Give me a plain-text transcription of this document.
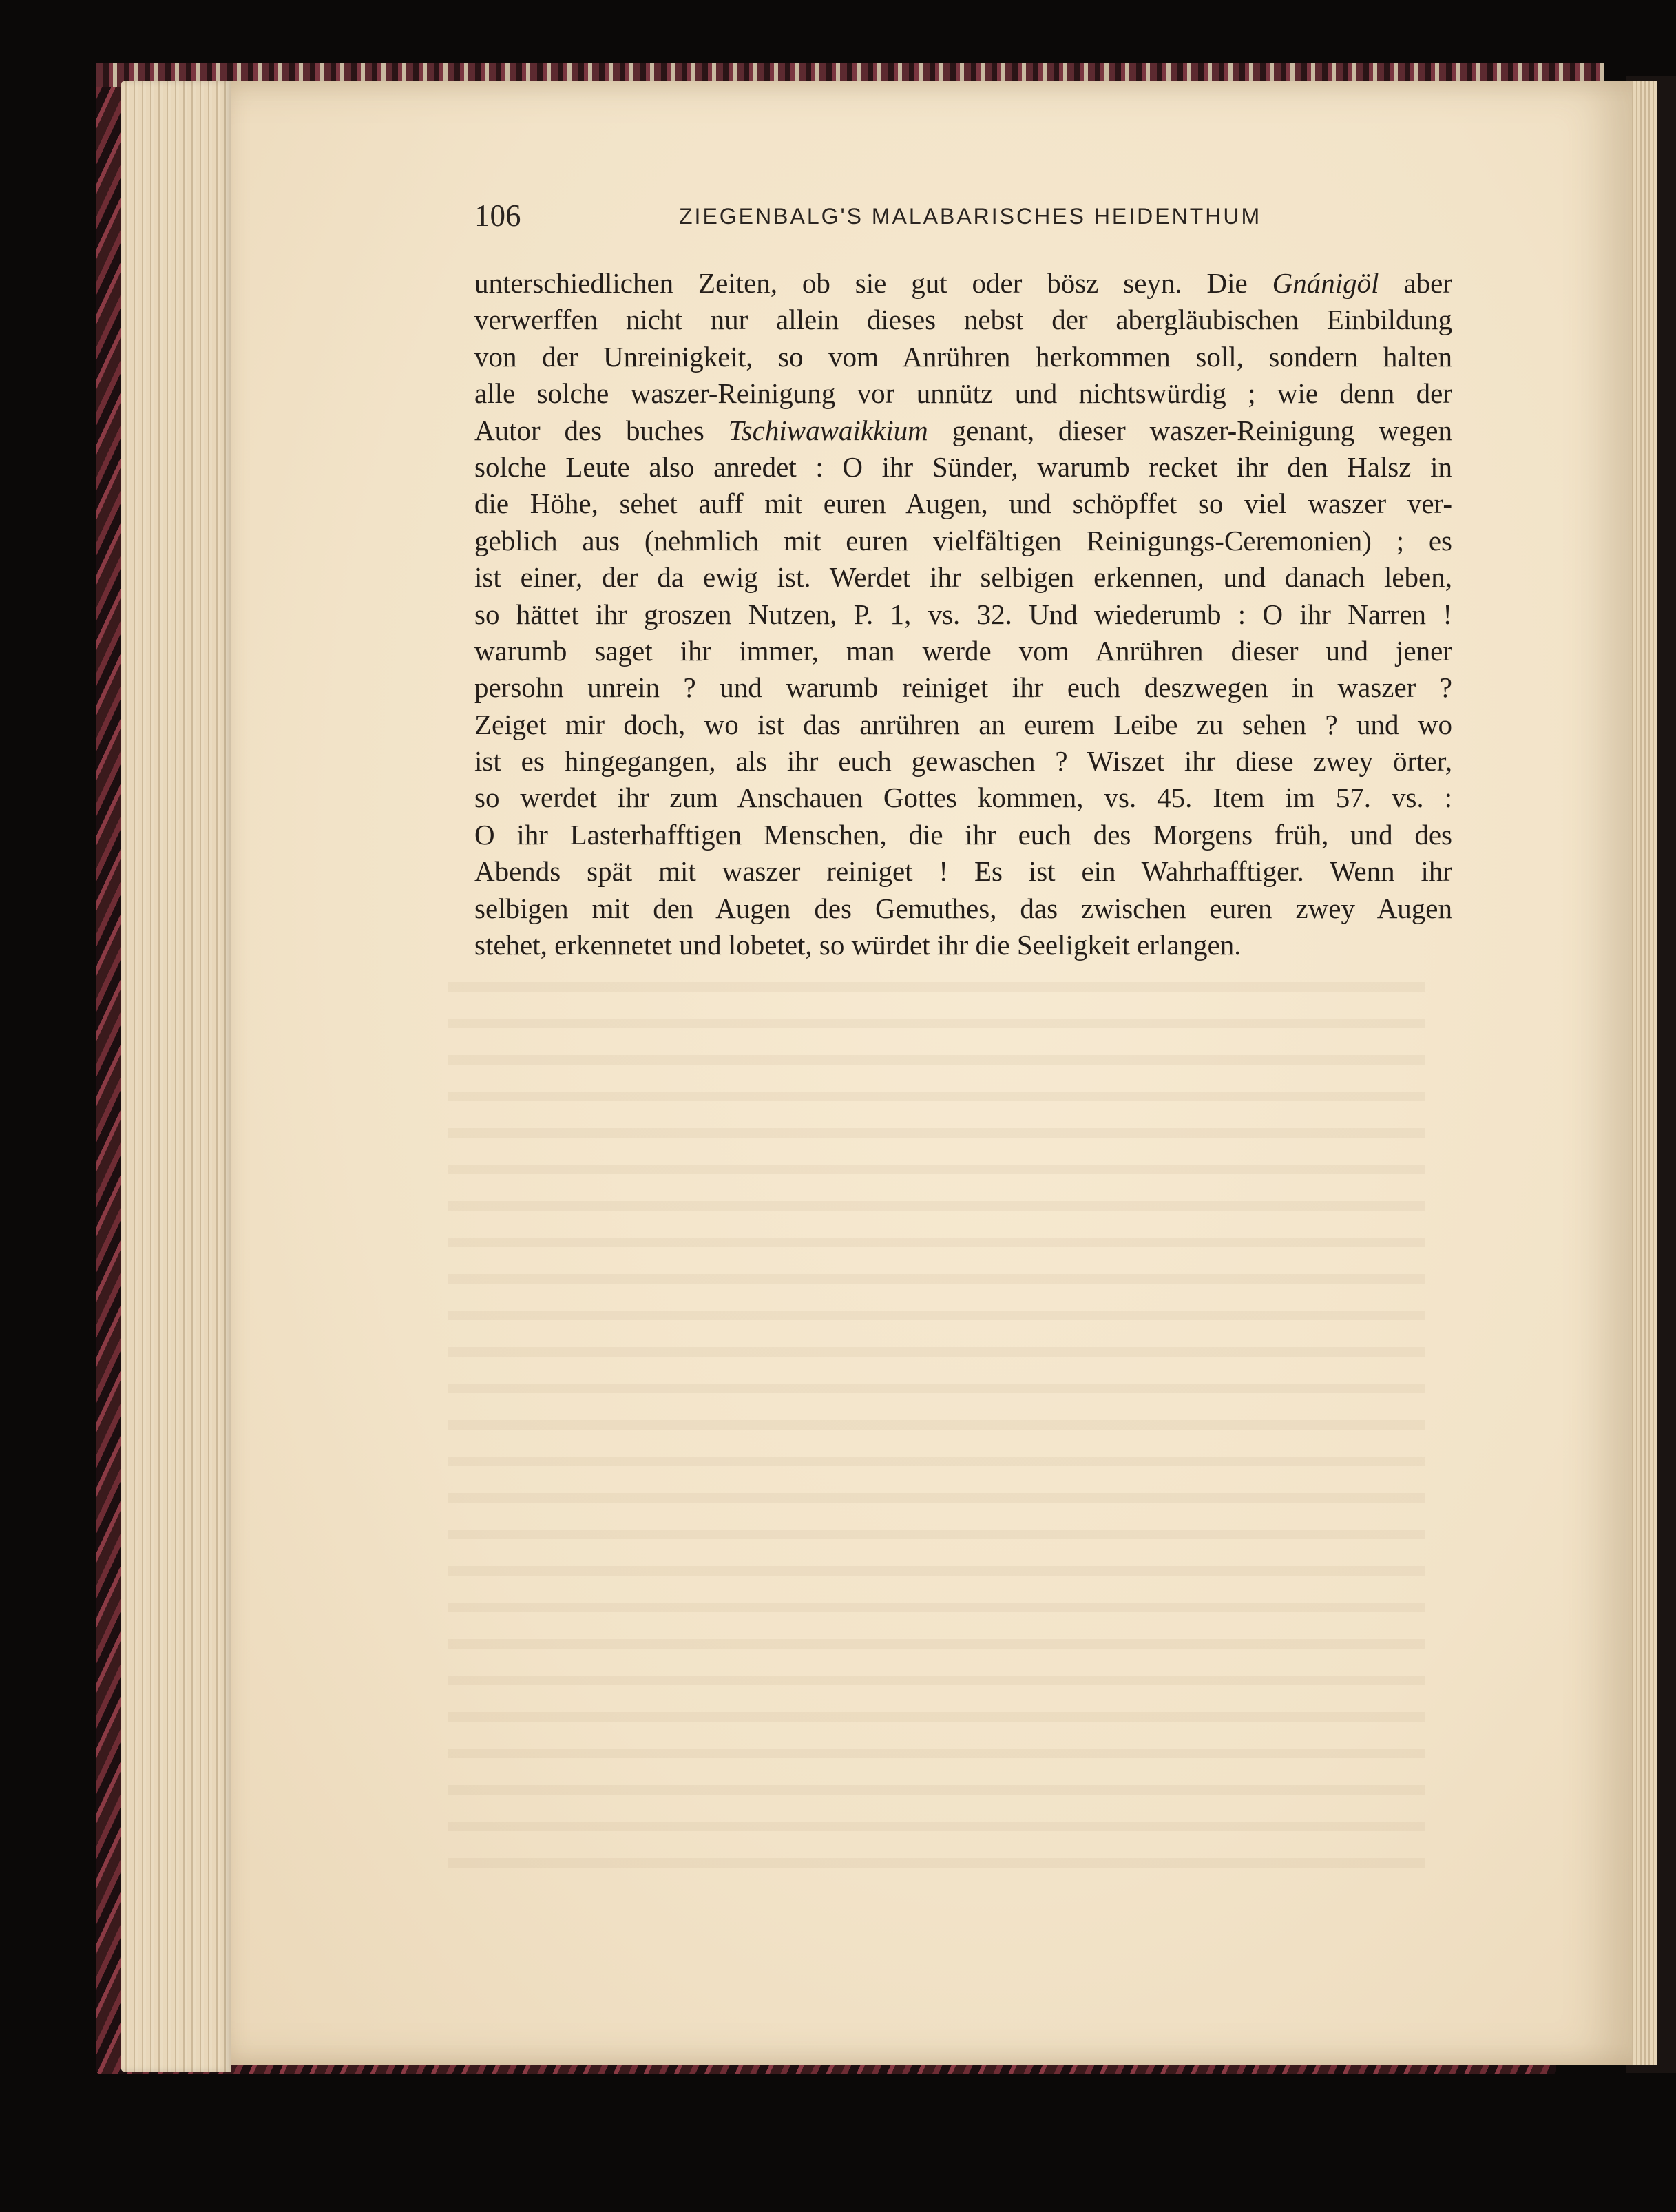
106	ZIEGENBALG'S MALABARISCHES HEIDENTHUM
unterschiedlichen Zeiten, ob sie gut oder bösz seyn. Die Gnánigöl aber
verwerffen nicht nur allein dieses nebst der abergläubischen Einbildung
von der Unreinigkeit, so vom Anrühren herkommen soll, sondern halten
alle solche waszer-Reinigung vor unnütz und nichtswürdig ; wie denn der
Autor des buches Tschiwawaikkium genant, dieser waszer-Reinigung wegen
solche Leute also anredet : O ihr Sünder, warumb recket ihr den Halsz in
die Höhe, sehet auff mit euren Augen, und schöpffet so viel waszer ver-
geblich aus (nehmlich mit euren vielfältigen Reinigungs-Ceremonien) ; es
ist einer, der da ewig ist. Werdet ihr selbigen erkennen, und danach leben,
so hättet ihr groszen Nutzen, P. 1, vs. 32. Und wiederumb : O ihr Narren !
warumb saget ihr immer, man werde vom Anrühren dieser und jener
persohn unrein ? und warumb reiniget ihr euch deszwegen in waszer ?
Zeiget mir doch, wo ist das anrühren an eurem Leibe zu sehen ? und wo
ist es hingegangen, als ihr euch gewaschen ? Wiszet ihr diese zwey örter,
so werdet ihr zum Anschauen Gottes kommen, vs. 45. Item im 57. vs. :
O ihr Lasterhafftigen Menschen, die ihr euch des Morgens früh, und des
Abends spät mit waszer reiniget ! Es ist ein Wahrhafftiger. Wenn ihr
selbigen mit den Augen des Gemuthes, das zwischen euren zwey Augen
stehet, erkennetet und lobetet, so würdet ihr die Seeligkeit erlangen.
